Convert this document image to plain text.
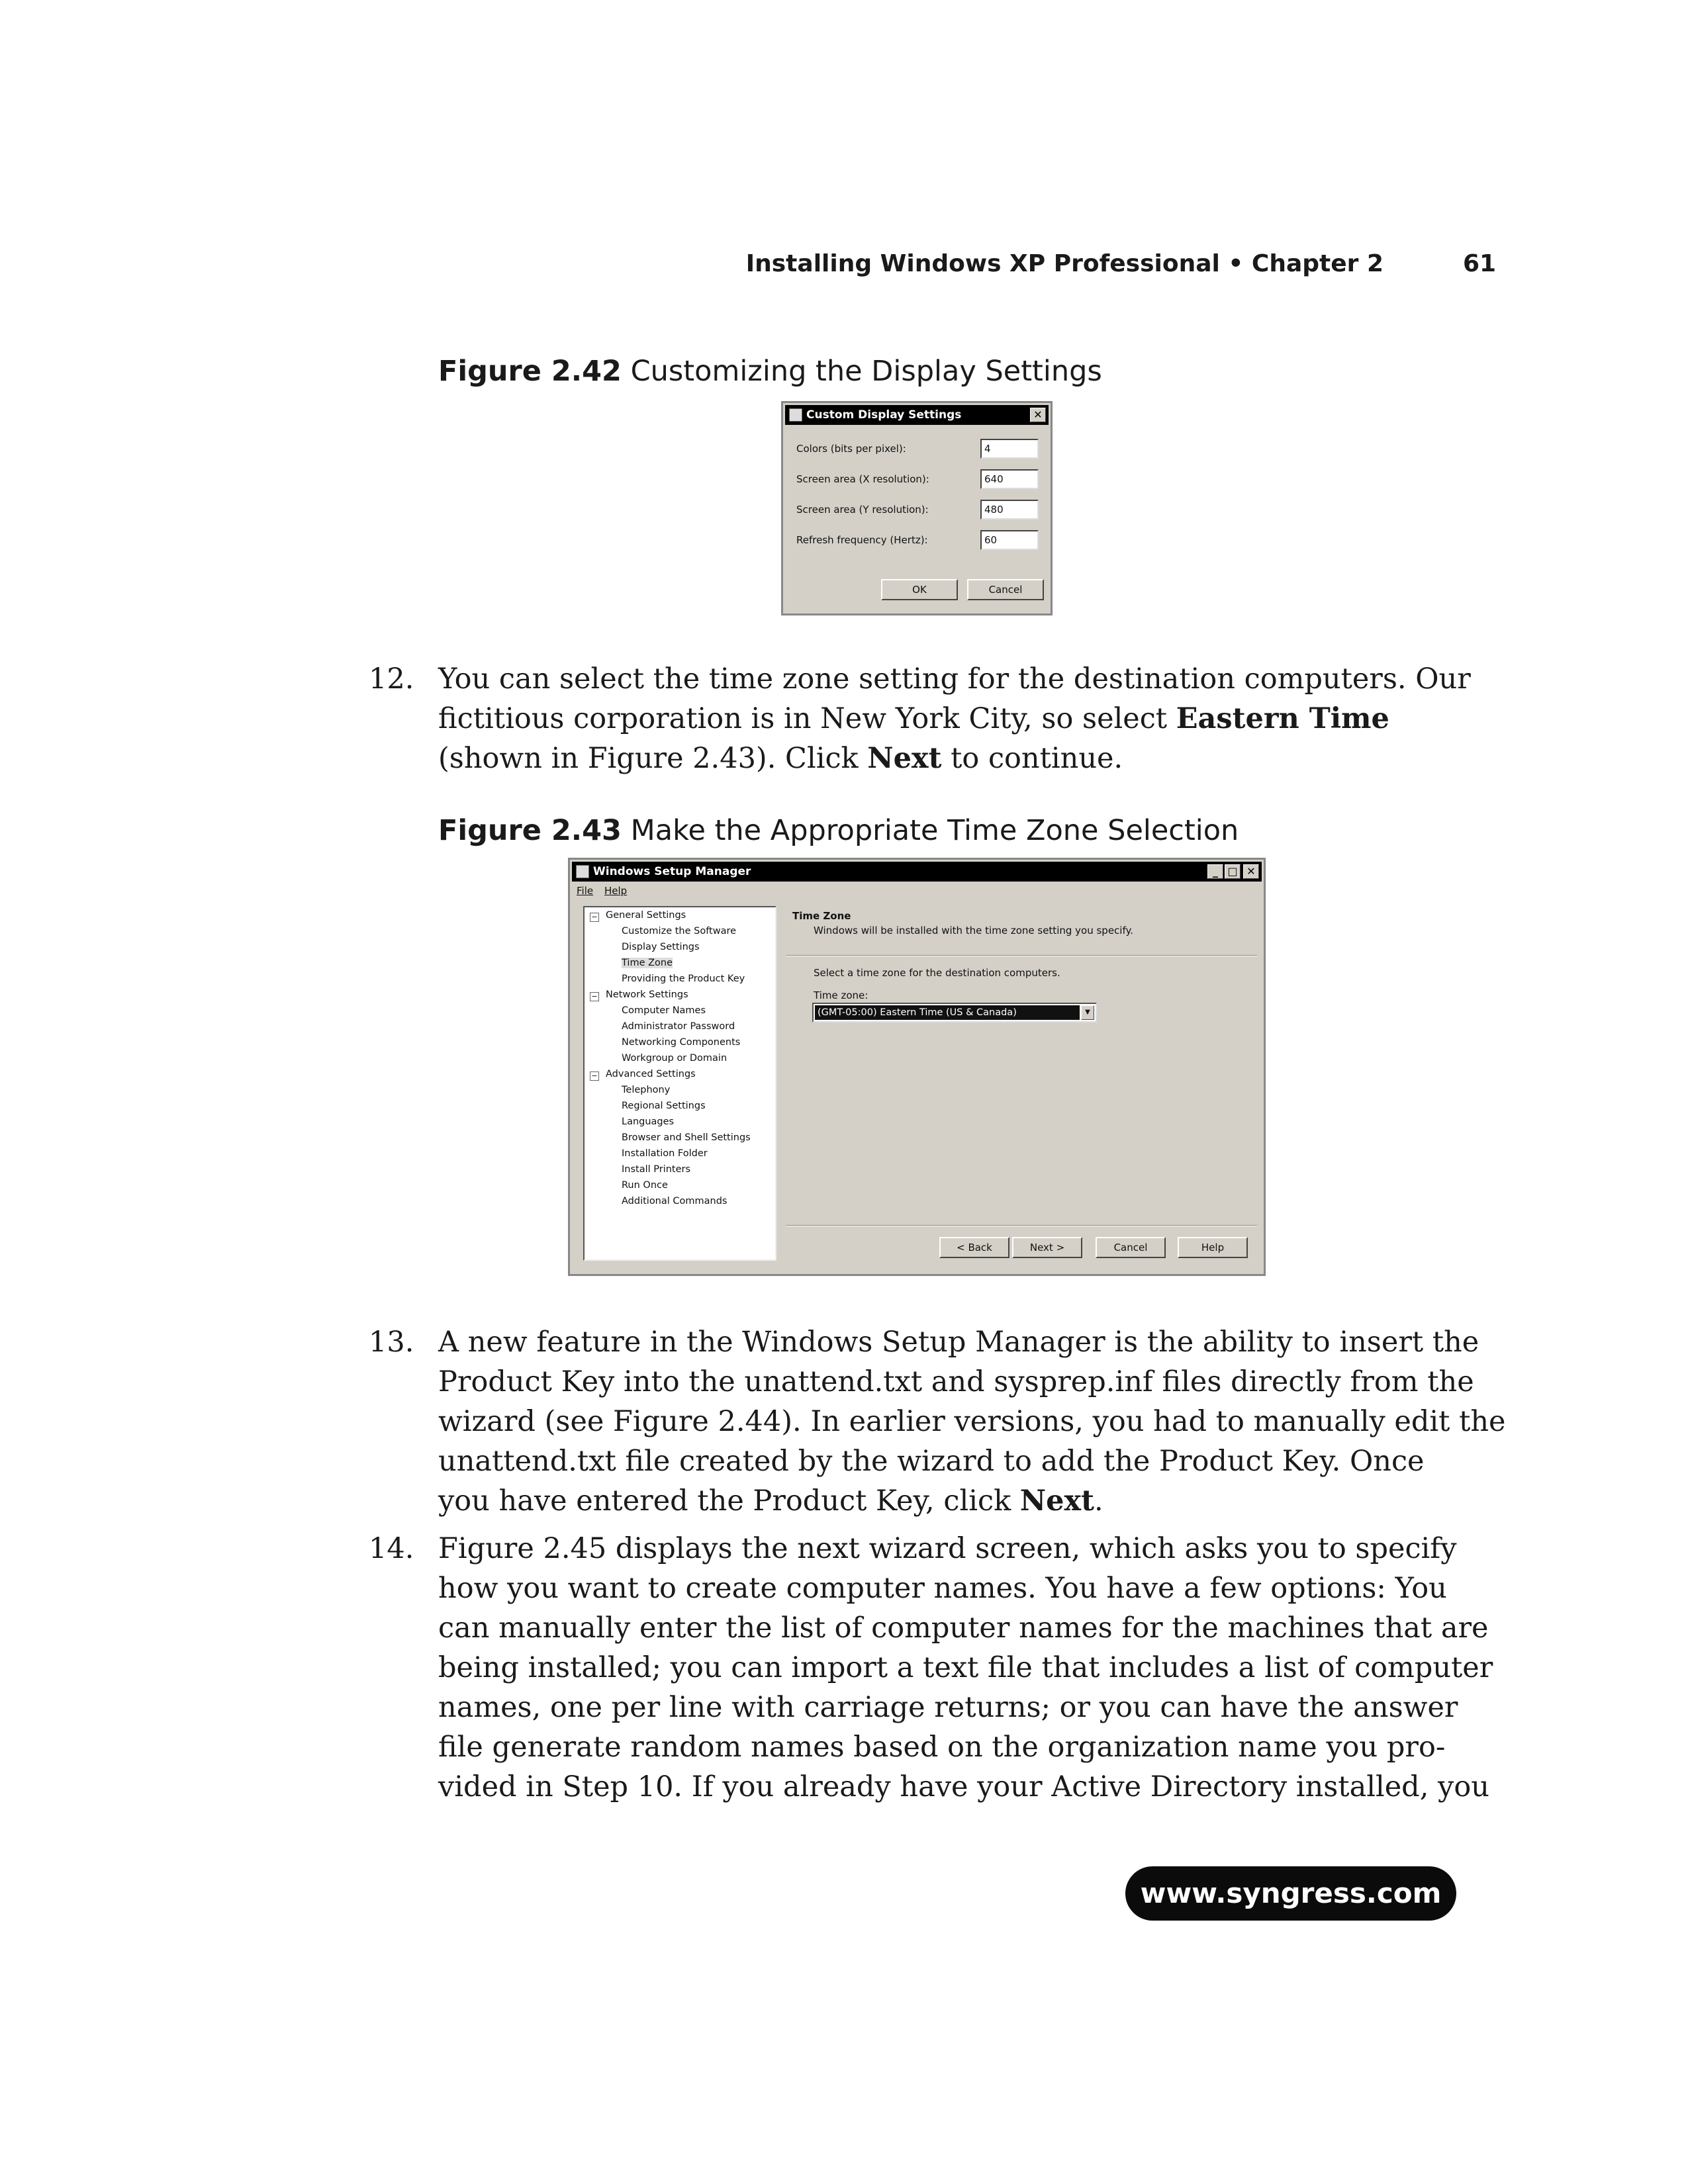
Installing Windows XP Professional • Chapter 2	61
Figure 2.42 Customizing the Display Settings
Custom Display Settings	✕
Colors (bits per pixel):	4
Screen area (X resolution):	640
Screen area (Y resolution):	480
Refresh frequency (Hertz):	60
OK	Cancel
12. You can select the time zone setting for the destination computers. Our
fictitious corporation is in New York City, so select Eastern Time
(shown in Figure 2.43). Click Next to continue.
Figure 2.43 Make the Appropriate Time Zone Selection
Windows Setup Manager	_ □ ✕
File Help
− General Settings
Customize the Software
Display Settings
Time Zone
Providing the Product Key
− Network Settings
Computer Names
Administrator Password
Networking Components
Workgroup or Domain
− Advanced Settings
Telephony
Regional Settings
Languages
Browser and Shell Settings
Installation Folder
Install Printers
Run Once
Additional Commands
Time Zone
Windows will be installed with the time zone setting you specify.
Select a time zone for the destination computers.
Time zone:
(GMT-05:00) Eastern Time (US & Canada)	▼
< Back	Next >	Cancel	Help
13. A new feature in the Windows Setup Manager is the ability to insert the
Product Key into the unattend.txt and sysprep.inf files directly from the
wizard (see Figure 2.44). In earlier versions, you had to manually edit the
unattend.txt file created by the wizard to add the Product Key. Once
you have entered the Product Key, click Next.
14. Figure 2.45 displays the next wizard screen, which asks you to specify
how you want to create computer names. You have a few options: You
can manually enter the list of computer names for the machines that are
being installed; you can import a text file that includes a list of computer
names, one per line with carriage returns; or you can have the answer
file generate random names based on the organization name you pro-
vided in Step 10. If you already have your Active Directory installed, you
www.syngress.com
